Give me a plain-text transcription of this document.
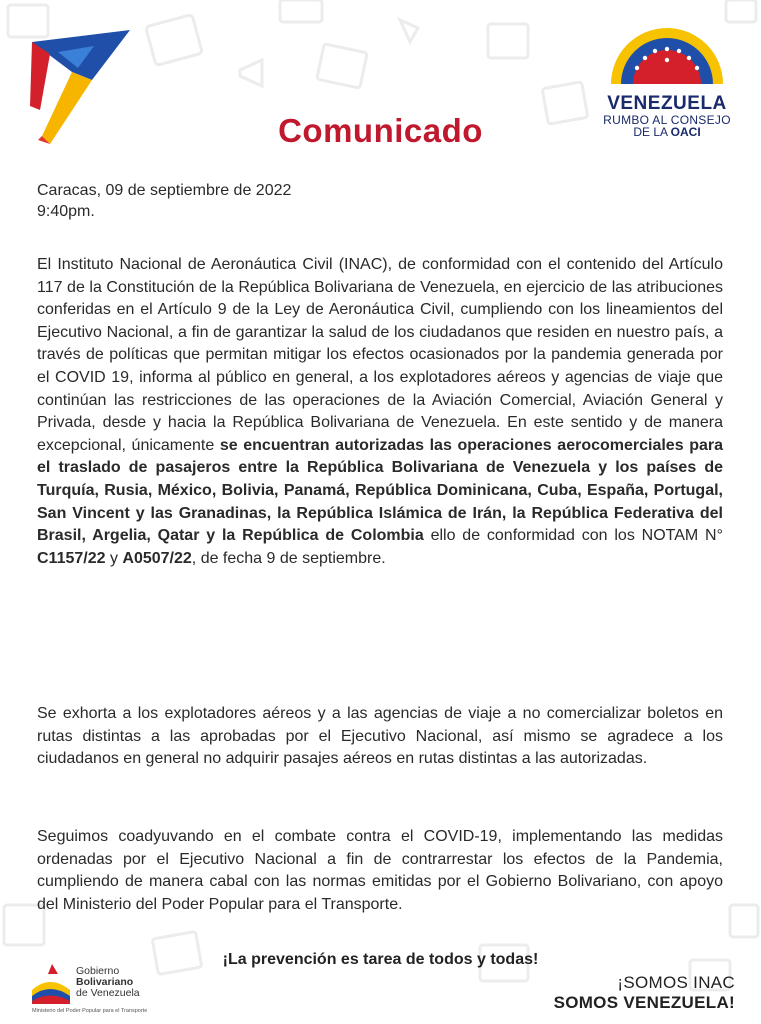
VENEZUELA
RUMBO AL CONSEJO
DE LA OACI
Comunicado
Caracas, 09 de septiembre de 2022
9:40pm.
El Instituto Nacional de Aeronáutica Civil (INAC), de conformidad con el contenido del Artículo 117 de la Constitución de la República Bolivariana de Venezuela, en ejercicio de las atribuciones conferidas en el Artículo 9 de la Ley de Aeronáutica Civil, cumpliendo con los lineamientos del Ejecutivo Nacional, a fin de garantizar la salud de los ciudadanos que residen en nuestro país, a través de políticas que permitan mitigar los efectos ocasionados por la pandemia generada por el COVID 19, informa al público en general, a los explotadores aéreos y agencias de viaje que continúan las restricciones de las operaciones de la Aviación Comercial, Aviación General y Privada, desde y hacia la República Bolivariana de Venezuela. En este sentido y de manera excepcional, únicamente se encuentran autorizadas las operaciones aerocomerciales para el traslado de pasajeros entre la República Bolivariana de Venezuela y los países de Turquía, Rusia, México, Bolivia, Panamá, República Dominicana, Cuba, España, Portugal, San Vincent y las Granadinas, la República Islámica de Irán, la República Federativa del Brasil, Argelia, Qatar y la República de Colombia ello de conformidad con los NOTAM N° C1157/22 y A0507/22, de fecha 9 de septiembre.
Se exhorta a los explotadores aéreos y a las agencias de viaje a no comercializar boletos en rutas distintas a las aprobadas por el Ejecutivo Nacional, así mismo se agradece a los ciudadanos en general no adquirir pasajes aéreos en rutas distintas a las autorizadas.
Seguimos coadyuvando en el combate contra el COVID-19, implementando las medidas ordenadas por el Ejecutivo Nacional a fin de contrarrestar los efectos de la Pandemia, cumpliendo de manera cabal con las normas emitidas por el Gobierno Bolivariano, con apoyo del Ministerio del Poder Popular para el Transporte.
Gobierno
Bolivariano
de Venezuela
Ministerio del Poder Popular para el Transporte
¡La prevención es tarea de todos y todas!
¡SOMOS INAC
SOMOS VENEZUELA!
